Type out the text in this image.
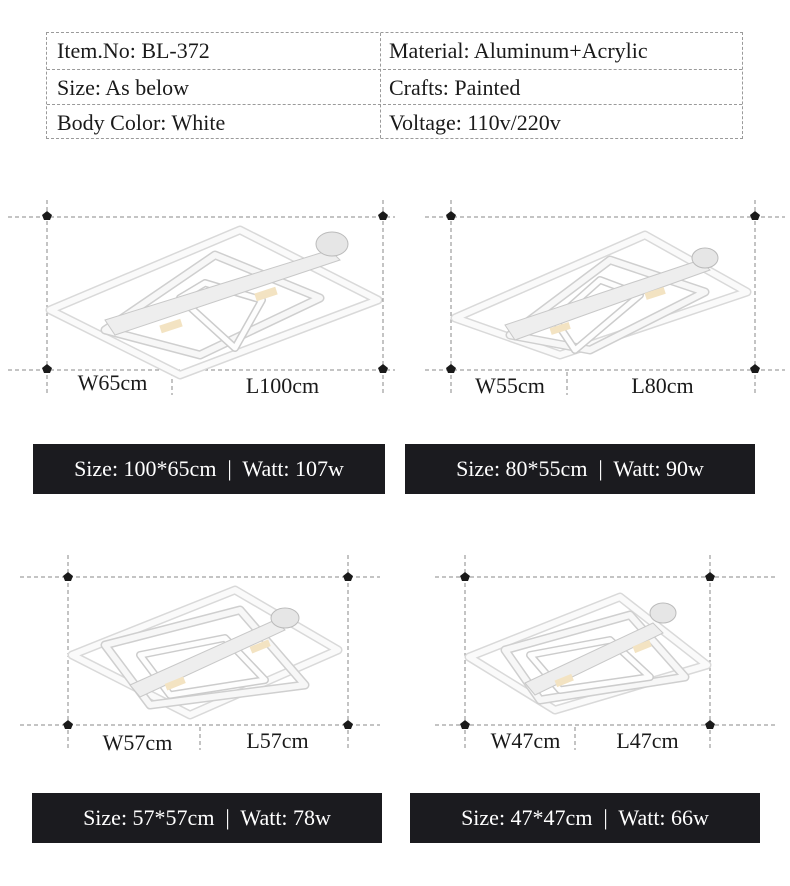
Item.No: BL-372	Material: Aluminum+Acrylic
Size: As below	Crafts: Painted
Body Color: White	Voltage: 110v/220v
W65cm	L100cm
Size: 100*65cm  |  Watt: 107w
W55cm	L80cm
Size: 80*55cm  |  Watt: 90w
W57cm	L57cm
Size: 57*57cm  |  Watt: 78w
W47cm	L47cm
Size: 47*47cm  |  Watt: 66w
